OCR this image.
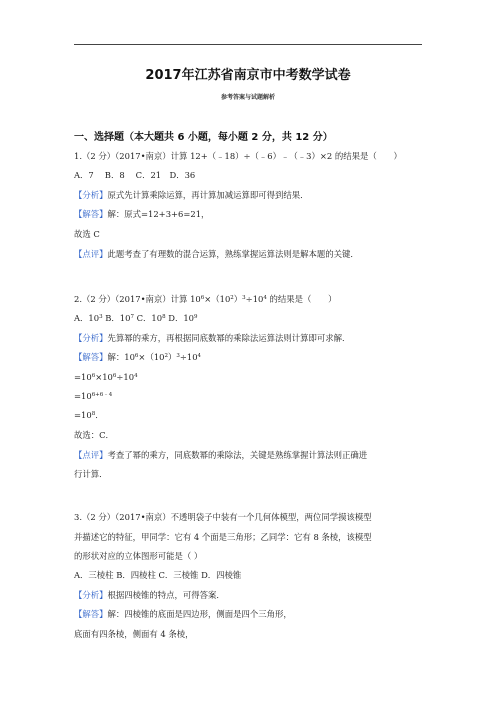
2017年江苏省南京市中考数学试卷
参考答案与试题解析
一、选择题（本大题共 6 小题，每小题 2 分，共 12 分）
1.（2 分）（2017•南京）计算 12+（﹣18）÷（﹣6）﹣（﹣3）×2 的结果是（　　）
A．7　 B．8　 C．21　D．36
【分析】原式先计算乘除运算，再计算加减运算即可得到结果．
【解答】解：原式=12+3+6=21，
故选 C
【点评】此题考查了有理数的混合运算，熟练掌握运算法则是解本题的关键．
2.（2 分）（2017•南京）计算 $10^6\times(10^2)^3\div 10^4$ 的结果是（　　）
A．$10^3$ B．$10^7$ C．$10^8$ D．$10^9$
【分析】先算幂的乘方，再根据同底数幂的乘除法运算法则计算即可求解．
【解答】解：$10^6\times(10^2)^3\div 10^4$
$=10^6\times 10^6\div 10^4$
$=10^{6+6﹣4}$
$=10^8$．
故选：C．
【点评】考查了幂的乘方，同底数幂的乘除法，关键是熟练掌握计算法则正确进
行计算．
3.（2 分）（2017•南京）不透明袋子中装有一个几何体模型，两位同学摸该模型
并描述它的特征，甲同学：它有 4 个面是三角形；乙同学：它有 8 条棱，该模型
的形状对应的立体图形可能是（ ）
A．三棱柱 B．四棱柱 C．三棱锥 D．四棱锥
【分析】根据四棱锥的特点，可得答案．
【解答】解：四棱锥的底面是四边形，侧面是四个三角形，
底面有四条棱，侧面有 4 条棱，
